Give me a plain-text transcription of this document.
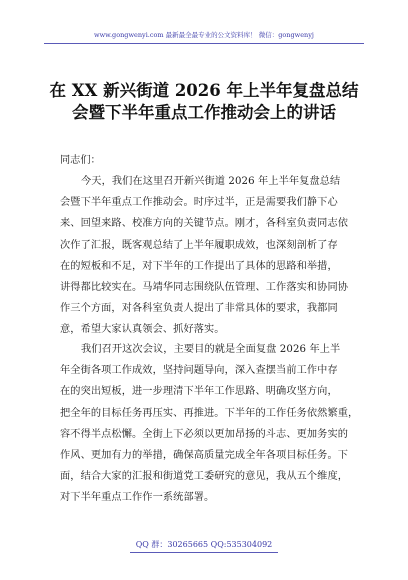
www.gongwenyi.com 最新最全最专业的公文资料库！ 微信：gongwenyj
在 XX 新兴街道 2026 年上半年复盘总结
会暨下半年重点工作推动会上的讲话
同志们：
今天，我们在这里召开新兴街道 2026 年上半年复盘总结
会暨下半年重点工作推动会。时序过半，正是需要我们静下心
来、回望来路、校准方向的关键节点。刚才，各科室负责同志依
次作了汇报，既客观总结了上半年履职成效，也深刻剖析了存
在的短板和不足，对下半年的工作提出了具体的思路和举措，
讲得都比较实在。马靖华同志围绕队伍管理、工作落实和协同协
作三个方面，对各科室负责人提出了非常具体的要求，我都同
意，希望大家认真领会、抓好落实。
我们召开这次会议，主要目的就是全面复盘 2026 年上半
年全街各项工作成效，坚持问题导向，深入查摆当前工作中存
在的突出短板，进一步理清下半年工作思路、明确攻坚方向，
把全年的目标任务再压实、再推进。下半年的工作任务依然繁重，
容不得半点松懈。全街上下必须以更加昂扬的斗志、更加务实的
作风、更加有力的举措，确保高质量完成全年各项目标任务。下
面，结合大家的汇报和街道党工委研究的意见，我从五个维度，
对下半年重点工作作一系统部署。
QQ 群：30265665 QQ:535304092
